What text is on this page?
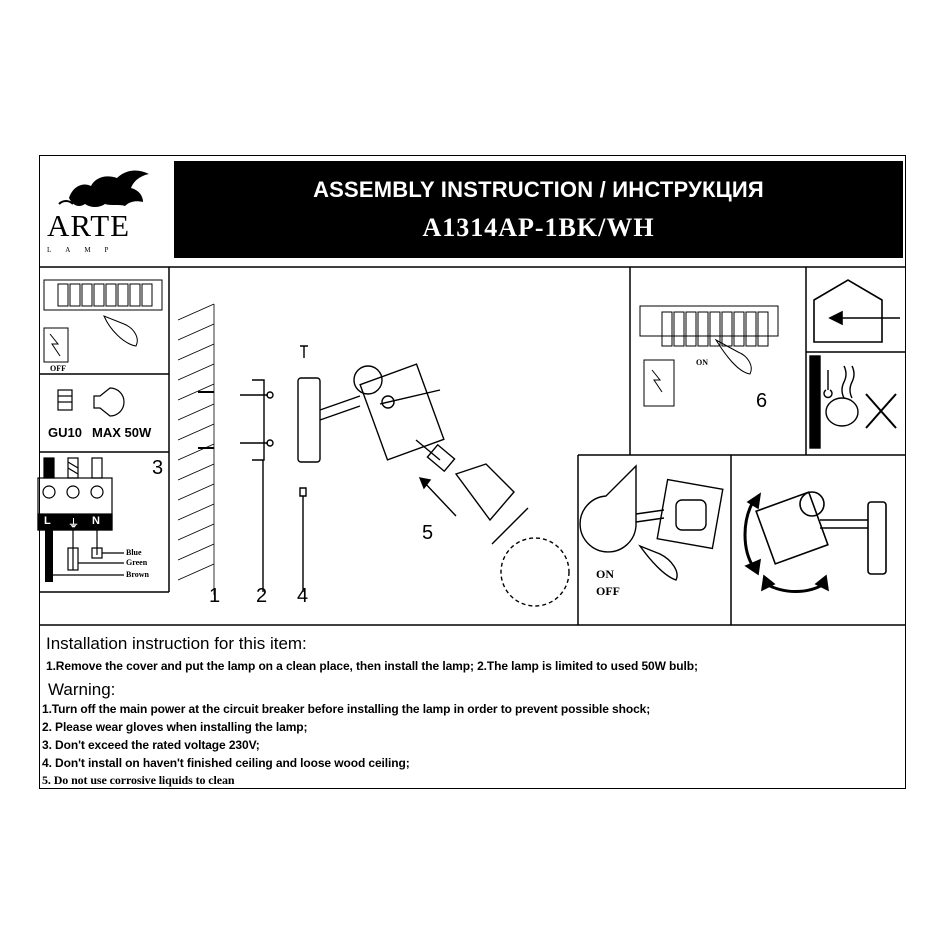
ARTE
LAMP
ASSEMBLY INSTRUCTION / ИНСТРУКЦИЯ
A1314AP-1BK/WH
OFF
GU10 MAX 50W
L ⏚ N
Blue
Green
Brown
1 2
3
4
5
6
ON
ON
OFF
Installation instruction for this item:
1.Remove the cover and put the lamp on a clean place, then install the lamp; 2.The lamp is limited to used 50W bulb;
Warning:
1.Turn off the main power at the circuit breaker before installing the lamp in order to prevent possible shock;
2. Please wear gloves when installing the lamp;
3. Don't exceed the rated voltage 230V;
4. Don't install on haven't finished ceiling and loose wood ceiling;
5. Do not use corrosive liquids to clean
